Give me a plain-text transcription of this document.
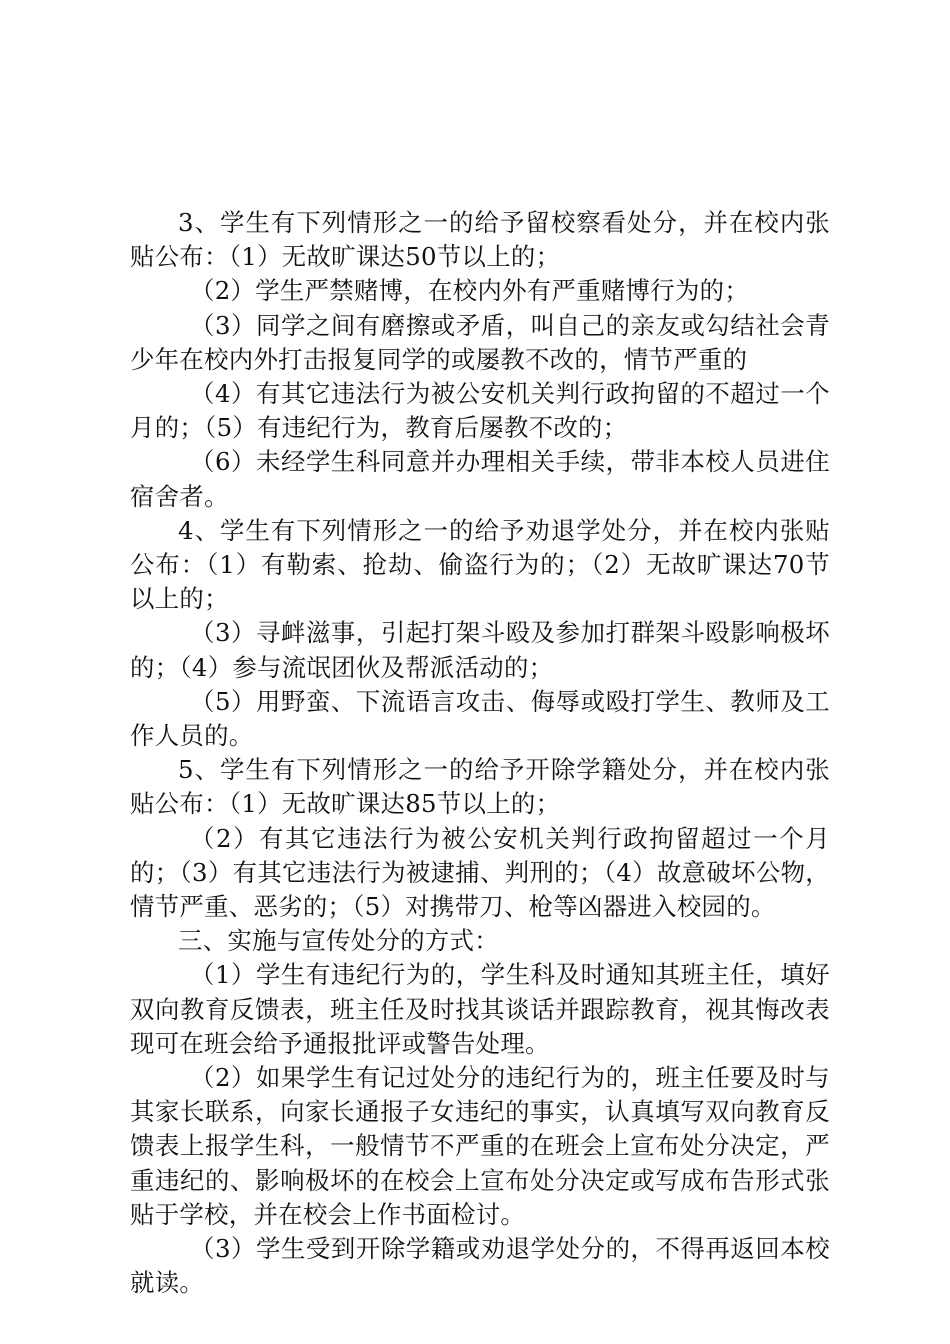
3、学生有下列情形之一的给予留校察看处分，并在校内张贴公布：（1）无故旷课达50节以上的；

（2）学生严禁赌博，在校内外有严重赌博行为的；

（3）同学之间有磨擦或矛盾，叫自己的亲友或勾结社会青少年在校内外打击报复同学的或屡教不改的，情节严重的

（4）有其它违法行为被公安机关判行政拘留的不超过一个月的；（5）有违纪行为，教育后屡教不改的；

（6）未经学生科同意并办理相关手续，带非本校人员进住宿舍者。

4、学生有下列情形之一的给予劝退学处分，并在校内张贴公布：（1）有勒索、抢劫、偷盗行为的；（2）无故旷课达70节以上的；

（3）寻衅滋事，引起打架斗殴及参加打群架斗殴影响极坏的；（4）参与流氓团伙及帮派活动的；

（5）用野蛮、下流语言攻击、侮辱或殴打学生、教师及工作人员的。

5、学生有下列情形之一的给予开除学籍处分，并在校内张贴公布：（1）无故旷课达85节以上的；

（2）有其它违法行为被公安机关判行政拘留超过一个月的；（3）有其它违法行为被逮捕、判刑的；（4）故意破坏公物，情节严重、恶劣的；（5）对携带刀、枪等凶器进入校园的。

三、实施与宣传处分的方式：

（1）学生有违纪行为的，学生科及时通知其班主任，填好双向教育反馈表，班主任及时找其谈话并跟踪教育，视其悔改表现可在班会给予通报批评或警告处理。

（2）如果学生有记过处分的违纪行为的，班主任要及时与其家长联系，向家长通报子女违纪的事实，认真填写双向教育反馈表上报学生科，一般情节不严重的在班会上宣布处分决定，严重违纪的、影响极坏的在校会上宣布处分决定或写成布告形式张贴于学校，并在校会上作书面检讨。

（3）学生受到开除学籍或劝退学处分的，不得再返回本校就读。
